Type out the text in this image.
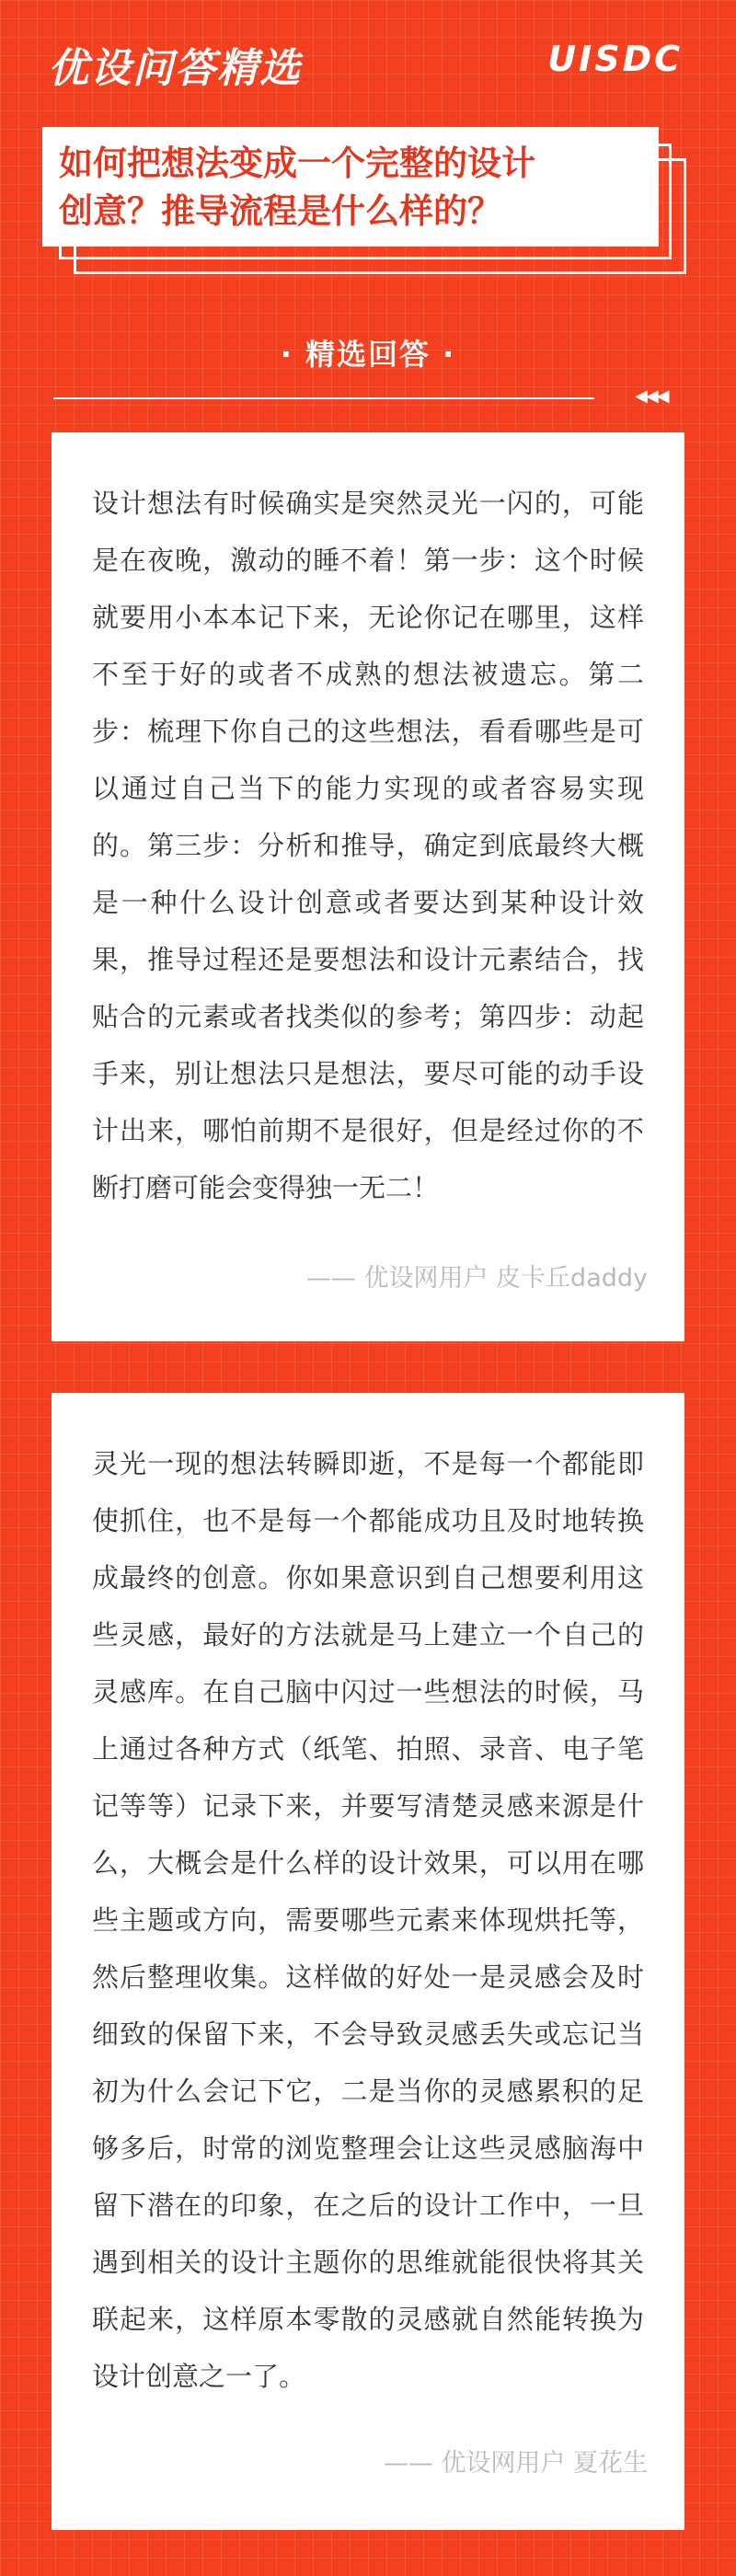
优设问答精选	UISDC

如何把想法变成一个完整的设计
创意？推导流程是什么样的？

· 精选回答 ·
◀◀◀

设计想法有时候确实是突然灵光一闪的，可能是在夜晚，激动的睡不着！第一步：这个时候就要用小本本记下来，无论你记在哪里，这样不至于好的或者不成熟的想法被遗忘。第二步：梳理下你自己的这些想法，看看哪些是可以通过自己当下的能力实现的或者容易实现的。第三步：分析和推导，确定到底最终大概是一种什么设计创意或者要达到某种设计效果，推导过程还是要想法和设计元素结合，找贴合的元素或者找类似的参考；第四步：动起手来，别让想法只是想法，要尽可能的动手设计出来，哪怕前期不是很好，但是经过你的不断打磨可能会变得独一无二！

—— 优设网用户 皮卡丘daddy

灵光一现的想法转瞬即逝，不是每一个都能即使抓住，也不是每一个都能成功且及时地转换成最终的创意。你如果意识到自己想要利用这些灵感，最好的方法就是马上建立一个自己的灵感库。在自己脑中闪过一些想法的时候，马上通过各种方式（纸笔、拍照、录音、电子笔记等等）记录下来，并要写清楚灵感来源是什么，大概会是什么样的设计效果，可以用在哪些主题或方向，需要哪些元素来体现烘托等，然后整理收集。这样做的好处一是灵感会及时细致的保留下来，不会导致灵感丢失或忘记当初为什么会记下它，二是当你的灵感累积的足够多后，时常的浏览整理会让这些灵感脑海中留下潜在的印象，在之后的设计工作中，一旦遇到相关的设计主题你的思维就能很快将其关联起来，这样原本零散的灵感就自然能转换为设计创意之一了。

—— 优设网用户 夏花生
